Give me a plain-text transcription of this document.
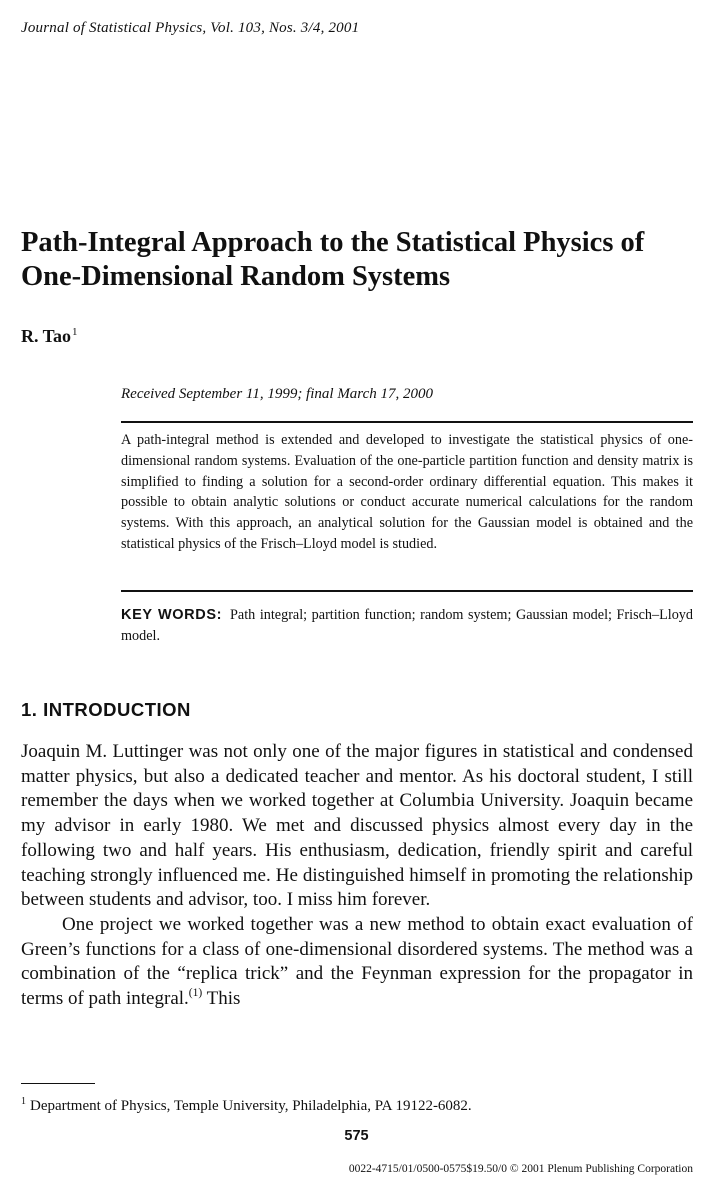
Journal of Statistical Physics, Vol. 103, Nos. 3/4, 2001
Path-Integral Approach to the Statistical Physics of One-Dimensional Random Systems
R. Tao$^1$
Received September 11, 1999; final March 17, 2000
A path-integral method is extended and developed to investigate the statistical physics of one-dimensional random systems. Evaluation of the one-particle partition function and density matrix is simplified to finding a solution for a second-order ordinary differential equation. This makes it possible to obtain analytic solutions or conduct accurate numerical calculations for the random systems. With this approach, an analytical solution for the Gaussian model is obtained and the statistical physics of the Frisch–Lloyd model is studied.
KEY WORDS: Path integral; partition function; random system; Gaussian model; Frisch–Lloyd model.
1. INTRODUCTION

Joaquin M. Luttinger was not only one of the major figures in statistical and condensed matter physics, but also a dedicated teacher and mentor. As his doctoral student, I still remember the days when we worked together at Columbia University. Joaquin became my advisor in early 1980. We met and discussed physics almost every day in the following two and half years. His enthusiasm, dedication, friendly spirit and careful teaching strongly influenced me. He distinguished himself in promoting the relationship between students and advisor, too. I miss him forever.

One project we worked together was a new method to obtain exact evaluation of Green’s functions for a class of one-dimensional disordered systems. The method was a combination of the “replica trick” and the Feynman expression for the propagator in terms of path integral.$^{(1)}$ This

$^1$ Department of Physics, Temple University, Philadelphia, PA 19122-6082.
575
0022-4715/01/0500-0575$19.50/0 © 2001 Plenum Publishing Corporation
